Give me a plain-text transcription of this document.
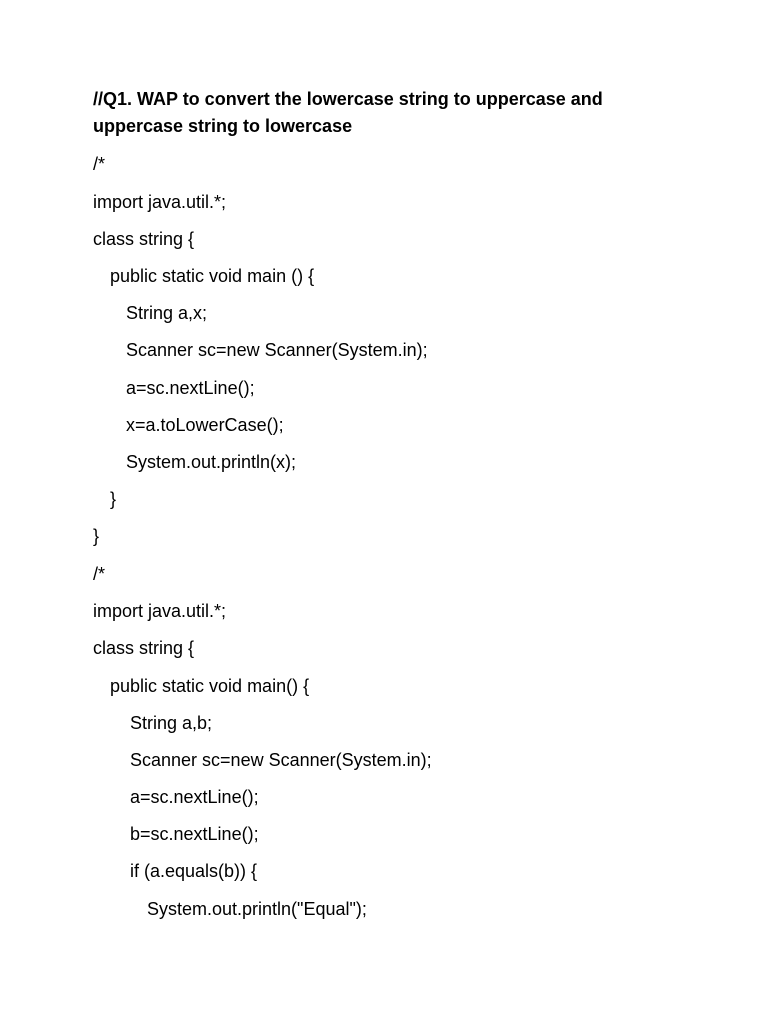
//Q1. WAP to convert the lowercase string to uppercase and uppercase string to lowercase
/*
import java.util.*;
class string {
public static void main () {
String a,x;
Scanner sc=new Scanner(System.in);
a=sc.nextLine();
x=a.toLowerCase();
System.out.println(x);
}
}
/*
import java.util.*;
class string {
public static void main() {
String a,b;
Scanner sc=new Scanner(System.in);
a=sc.nextLine();
b=sc.nextLine();
if (a.equals(b)) {
System.out.println("Equal");
